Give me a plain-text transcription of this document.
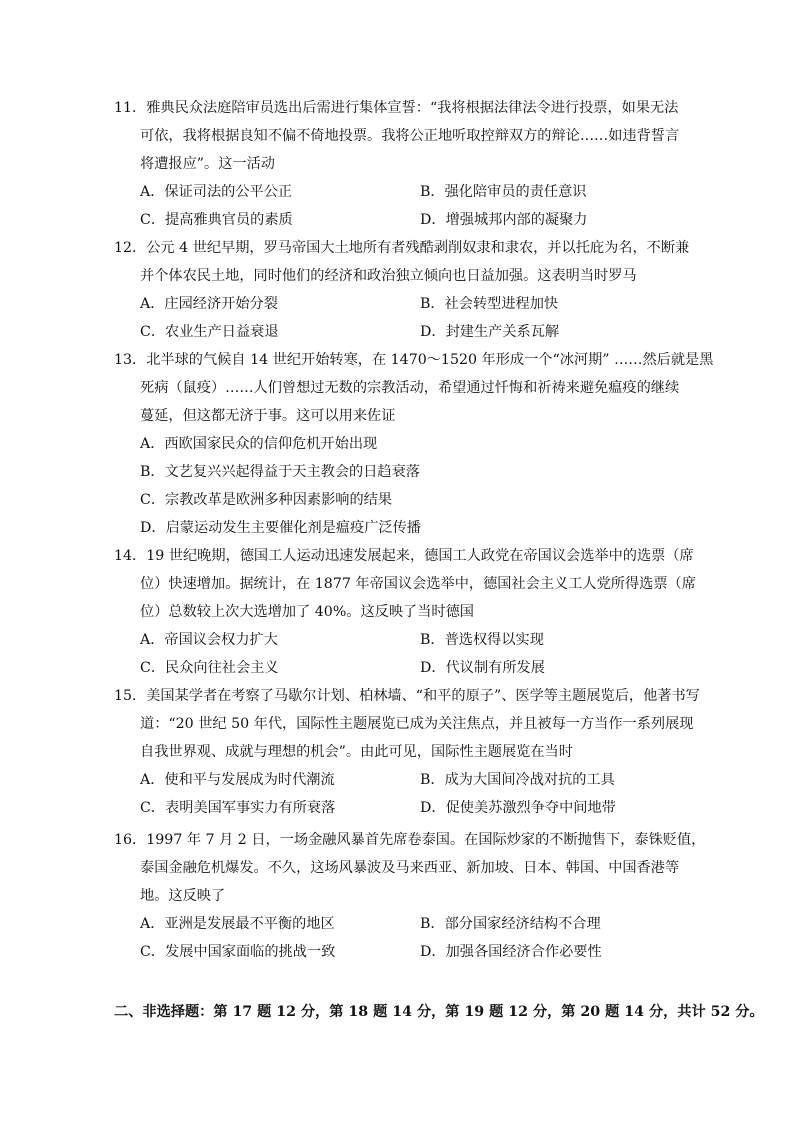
11．雅典民众法庭陪审员选出后需进行集体宣誓：“我将根据法律法令进行投票，如果无法
可依，我将根据良知不偏不倚地投票。我将公正地听取控辩双方的辩论……如违背誓言
将遭报应”。这一活动
A．保证司法的公平公正	B．强化陪审员的责任意识
C．提高雅典官员的素质	D．增强城邦内部的凝聚力
12．公元 4 世纪早期，罗马帝国大土地所有者残酷剥削奴隶和隶农，并以托庇为名，不断兼
并个体农民土地，同时他们的经济和政治独立倾向也日益加强。这表明当时罗马
A．庄园经济开始分裂	B．社会转型进程加快
C．农业生产日益衰退	D．封建生产关系瓦解
13．北半球的气候自 14 世纪开始转寒，在 1470～1520 年形成一个“冰河期” ……然后就是黑
死病（鼠疫）……人们曾想过无数的宗教活动，希望通过忏悔和祈祷来避免瘟疫的继续
蔓延，但这都无济于事。这可以用来佐证
A．西欧国家民众的信仰危机开始出现
B．文艺复兴兴起得益于天主教会的日趋衰落
C．宗教改革是欧洲多种因素影响的结果
D．启蒙运动发生主要催化剂是瘟疫广泛传播
14．19 世纪晚期，德国工人运动迅速发展起来，德国工人政党在帝国议会选举中的选票（席
位）快速增加。据统计，在 1877 年帝国议会选举中，德国社会主义工人党所得选票（席
位）总数较上次大选增加了 40%。这反映了当时德国
A．帝国议会权力扩大	B．普选权得以实现
C．民众向往社会主义	D．代议制有所发展
15．美国某学者在考察了马歇尔计划、柏林墙、“和平的原子”、医学等主题展览后，他著书写
道：“20 世纪 50 年代，国际性主题展览已成为关注焦点，并且被每一方当作一系列展现
自我世界观、成就与理想的机会”。由此可见，国际性主题展览在当时
A．使和平与发展成为时代潮流	B．成为大国间冷战对抗的工具
C．表明美国军事实力有所衰落	D．促使美苏激烈争夺中间地带
16．1997 年 7 月 2 日，一场金融风暴首先席卷泰国。在国际炒家的不断抛售下，泰铢贬值，
泰国金融危机爆发。不久，这场风暴波及马来西亚、新加坡、日本、韩国、中国香港等
地。这反映了
A．亚洲是发展最不平衡的地区	B．部分国家经济结构不合理
C．发展中国家面临的挑战一致	D．加强各国经济合作必要性
二、非选择题：第 17 题 12 分，第 18 题 14 分，第 19 题 12 分，第 20 题 14 分，共计 52 分。
